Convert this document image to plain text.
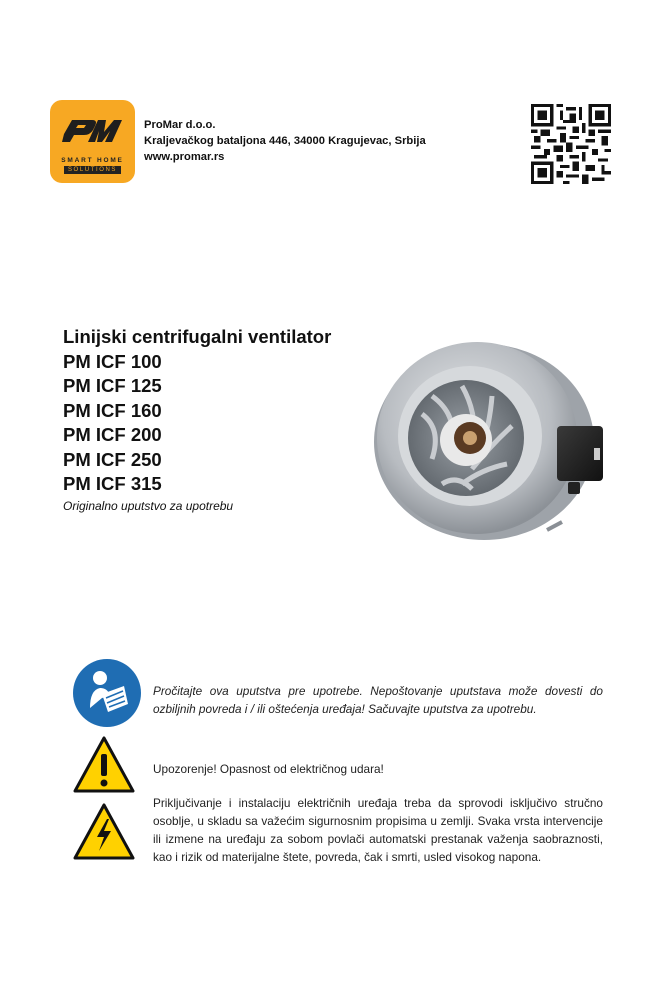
SMART HOME
SOLUTIONS
ProMar d.o.o.
Kraljevačkog bataljona 446, 34000 Kragujevac, Srbija
www.promar.rs
Linijski centrifugalni ventilator
PM ICF 100
PM ICF 125
PM ICF 160
PM ICF 200
PM ICF 250
PM ICF 315
Originalno uputstvo za upotrebu
Pročitajte ova uputstva pre upotrebe. Nepoštovanje uputstava može dovesti do ozbiljnih povreda i / ili oštećenja uređaja! Sačuvajte uputstva za upotrebu.
Upozorenje! Opasnost od električnog udara!
Priključivanje i instalaciju električnih uređaja treba da sprovodi isključivo stručno osoblje, u skladu sa važećim sigurnosnim propisima u zemlji. Svaka vrsta intervencije ili izmene na uređaju za sobom povlači automatski prestanak važenja saobraznosti, kao i rizik od materijalne štete, povreda, čak i smrti, usled visokog napona.
